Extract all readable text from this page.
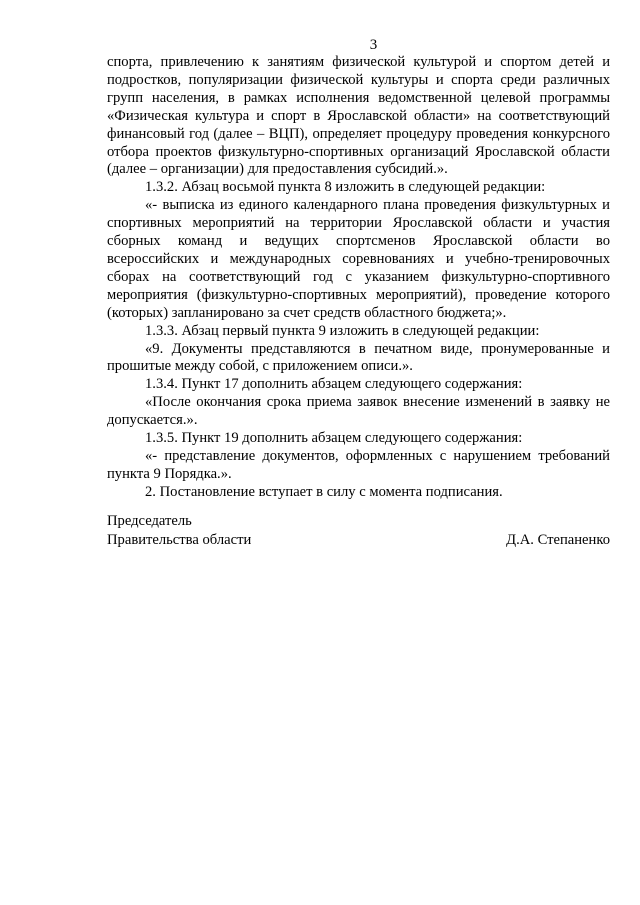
3

спорта, привлечению к занятиям физической культурой и спортом детей и подростков, популяризации физической культуры и спорта среди различных групп населения, в рамках исполнения ведомственной целевой программы «Физическая культура и спорт в Ярославской области» на соответствующий финансовый год (далее – ВЦП), определяет процедуру проведения конкурсного отбора проектов физкультурно-спортивных организаций Ярославской области (далее – организации) для предоставления субсидий.».

1.3.2. Абзац восьмой пункта 8 изложить в следующей редакции:

«- выписка из единого календарного плана проведения физкультурных и спортивных мероприятий на территории Ярославской области и участия сборных команд и ведущих спортсменов Ярославской области во всероссийских и международных соревнованиях и учебно-тренировочных сборах на соответствующий год с указанием физкультурно-спортивного мероприятия (физкультурно-спортивных мероприятий), проведение которого (которых) запланировано за счет средств областного бюджета;».

1.3.3. Абзац первый пункта 9 изложить в следующей редакции:

«9. Документы представляются в печатном виде, пронумерованные и прошитые между собой, с приложением описи.».

1.3.4. Пункт 17 дополнить абзацем следующего содержания:

«После окончания срока приема заявок внесение изменений в заявку не допускается.».

1.3.5. Пункт 19 дополнить абзацем следующего содержания:

«- представление документов, оформленных с нарушением требований пункта 9 Порядка.».

2. Постановление вступает в силу с момента подписания.

Председатель
Правительства области	Д.А. Степаненко
